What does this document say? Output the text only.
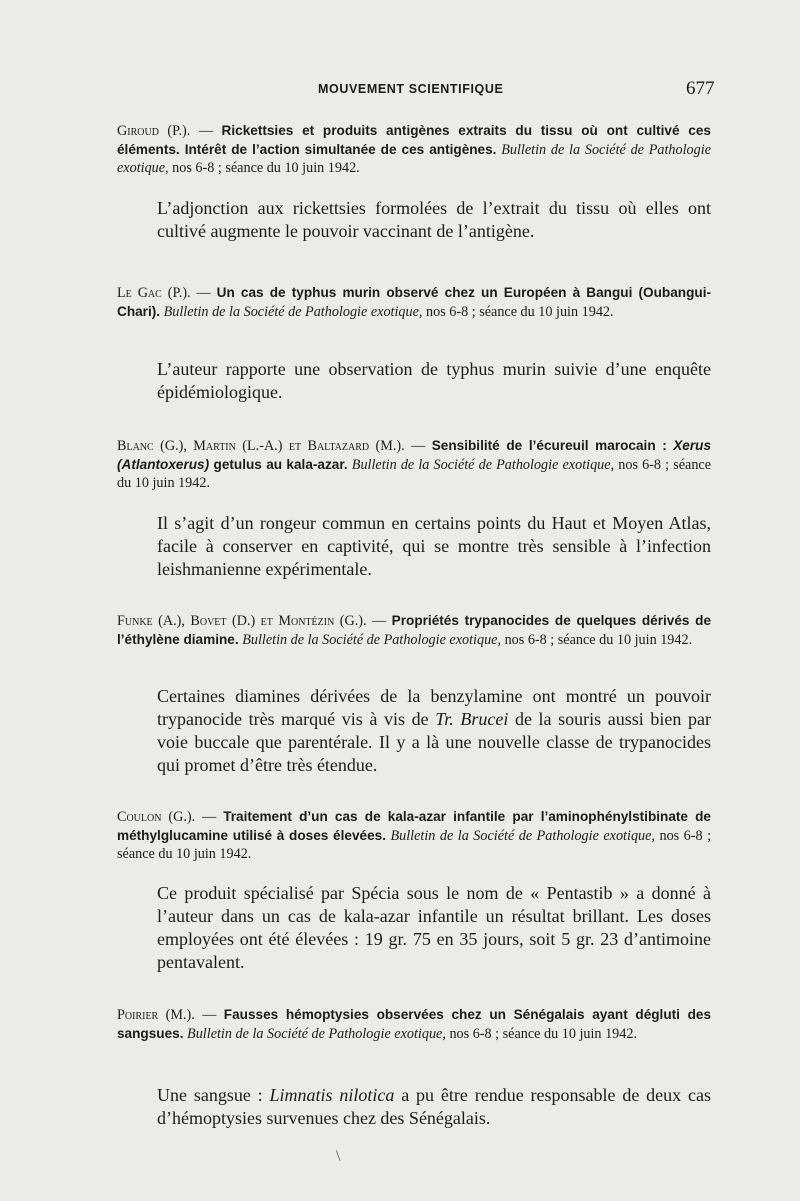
MOUVEMENT SCIENTIFIQUE	677
Giroud (P.). — Rickettsies et produits antigènes extraits du tissu où ont cultivé ces éléments. Intérêt de l’action simultanée de ces antigènes. Bulletin de la Société de Pathologie exotique, nos 6-8 ; séance du 10 juin 1942.
L’adjonction aux rickettsies formolées de l’extrait du tissu où elles ont cultivé augmente le pouvoir vaccinant de l’antigène.
Le Gac (P.). — Un cas de typhus murin observé chez un Européen à Bangui (Oubangui-Chari). Bulletin de la Société de Pathologie exotique, nos 6-8 ; séance du 10 juin 1942.
L’auteur rapporte une observation de typhus murin suivie d’une enquête épidémiologique.
Blanc (G.), Martin (L.-A.) et Baltazard (M.). — Sensibilité de l’écureuil marocain : Xerus (Atlantoxerus) getulus au kala-azar. Bulletin de la Société de Pathologie exotique, nos 6-8 ; séance du 10 juin 1942.
Il s’agit d’un rongeur commun en certains points du Haut et Moyen Atlas, facile à conserver en captivité, qui se montre très sensible à l’infection leishmanienne expérimentale.
Funke (A.), Bovet (D.) et Montézin (G.). — Propriétés trypanocides de quelques dérivés de l’éthylène diamine. Bulletin de la Société de Pathologie exotique, nos 6-8 ; séance du 10 juin 1942.
Certaines diamines dérivées de la benzylamine ont montré un pouvoir trypanocide très marqué vis à vis de Tr. Brucei de la souris aussi bien par voie buccale que parentérale. Il y a là une nouvelle classe de trypanocides qui promet d’être très étendue.
Coulon (G.). — Traitement d’un cas de kala-azar infantile par l’aminophénylstibinate de méthylglucamine utilisé à doses élevées. Bulletin de la Société de Pathologie exotique, nos 6-8 ; séance du 10 juin 1942.
Ce produit spécialisé par Spécia sous le nom de « Pentastib » a donné à l’auteur dans un cas de kala-azar infantile un résultat brillant. Les doses employées ont été élevées : 19 gr. 75 en 35 jours, soit 5 gr. 23 d’antimoine pentavalent.
Poirier (M.). — Fausses hémoptysies observées chez un Sénégalais ayant dégluti des sangsues. Bulletin de la Société de Pathologie exotique, nos 6-8 ; séance du 10 juin 1942.
Une sangsue : Limnatis nilotica a pu être rendue responsable de deux cas d’hémoptysies survenues chez des Sénégalais.
\
